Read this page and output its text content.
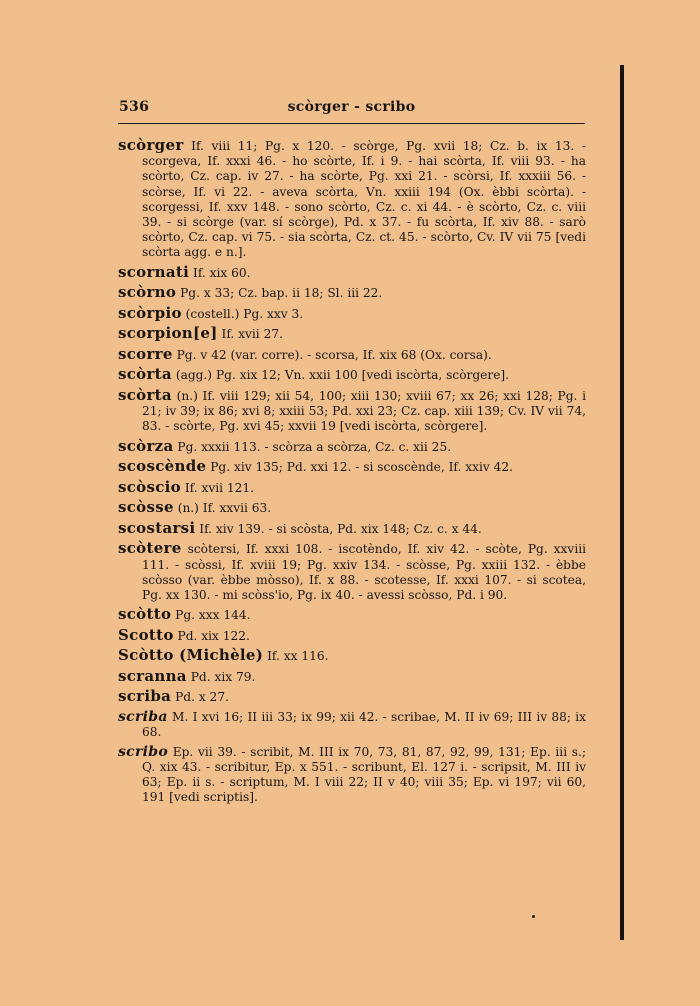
536	scòrger - scribo

scòrger If. viii 11; Pg. x 120. - scòrge, Pg. xvii 18; Cz. b. ix 13. - scorgeva, If. xxxi 46. - ho scòrte, If. i 9. - hai scòrta, If. viii 93. - ha scòrto, Cz. cap. iv 27. - ha scòrte, Pg. xxi 21. - scòrsi, If. xxxiii 56. - scòrse, If. vi 22. - aveva scòrta, Vn. xxiii 194 (Ox. èbbi scòrta). - scorgessi, If. xxv 148. - sono scòrto, Cz. c. xi 44. - è scòrto, Cz. c. viii 39. - si scòrge (var. sí scòrge), Pd. x 37. - fu scòrta, If. xiv 88. - sarò scòrto, Cz. cap. vi 75. - sia scòrta, Cz. ct. 45. - scòrto, Cv. IV vii 75 [vedi scòrta agg. e n.].

scornati If. xix 60.

scòrno Pg. x 33; Cz. bap. ii 18; Sl. iii 22.

scòrpio (costell.) Pg. xxv 3.

scorpion[e] If. xvii 27.

scorre Pg. v 42 (var. corre). - scorsa, If. xix 68 (Ox. corsa).

scòrta (agg.) Pg. xix 12; Vn. xxii 100 [vedi iscòrta, scòrgere].

scòrta (n.) If. viii 129; xii 54, 100; xiii 130; xviii 67; xx 26; xxi 128; Pg. i 21; iv 39; ix 86; xvi 8; xxiii 53; Pd. xxi 23; Cz. cap. xiii 139; Cv. IV vii 74, 83. - scòrte, Pg. xvi 45; xxvii 19 [vedi iscòrta, scòrgere].

scòrza Pg. xxxii 113. - scòrza a scòrza, Cz. c. xii 25.

scoscènde Pg. xiv 135; Pd. xxi 12. - si scoscènde, If. xxiv 42.

scòscio If. xvii 121.

scòsse (n.) If. xxvii 63.

scostarsi If. xiv 139. - si scòsta, Pd. xix 148; Cz. c. x 44.

scòtere scòtersi, If. xxxi 108. - iscotèndo, If. xiv 42. - scòte, Pg. xxviii 111. - scòssi, If. xviii 19; Pg. xxiv 134. - scòsse, Pg. xxiii 132. - èbbe scòsso (var. èbbe mòsso), If. x 88. - scotesse, If. xxxi 107. - si scotea, Pg. xx 130. - mi scòss'io, Pg. ix 40. - avessi scòsso, Pd. i 90.

scòtto Pg. xxx 144.

Scotto Pd. xix 122.

Scòtto (Michèle) If. xx 116.

scranna Pd. xix 79.

scriba Pd. x 27.

scriba M. I xvi 16; II iii 33; ix 99; xii 42. - scribae, M. II iv 69; III iv 88; ix 68.

scribo Ep. vii 39. - scribit, M. III ix 70, 73, 81, 87, 92, 99, 131; Ep. iii s.; Q. xix 43. - scribitur, Ep. x 551. - scribunt, El. 127 i. - scripsit, M. III iv 63; Ep. ii s. - scriptum, M. I viii 22; II v 40; viii 35; Ep. vi 197; vii 60, 191 [vedi scriptis].
